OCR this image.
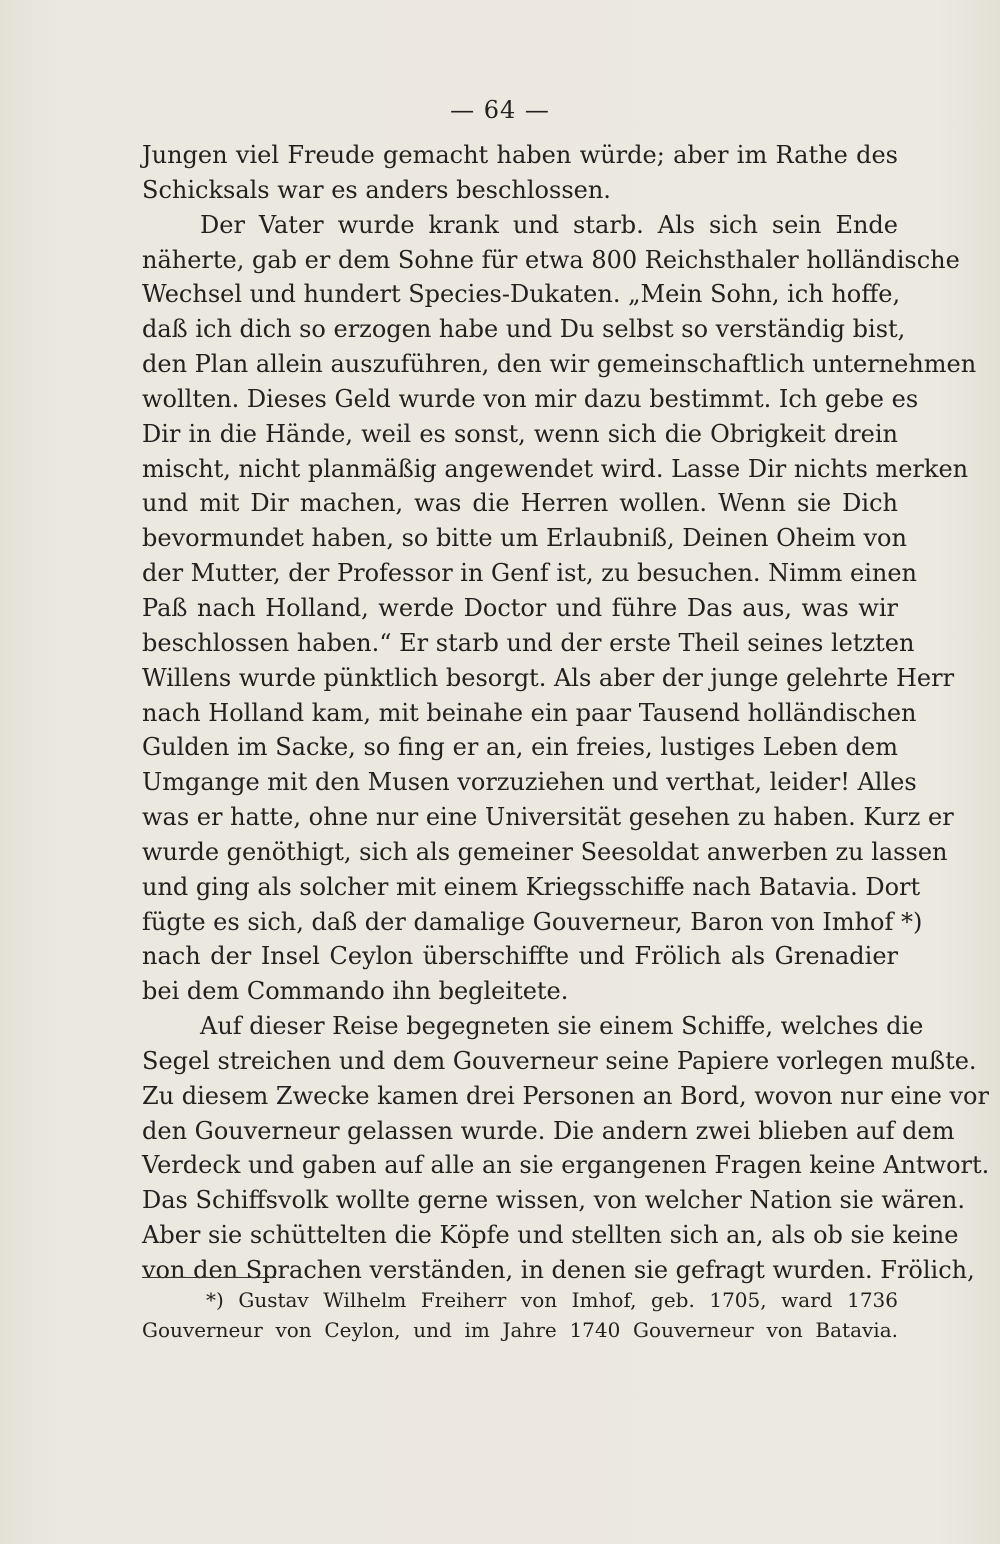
— 64 —
Jungen viel Freude gemacht haben würde; aber im Rathe des
Schicksals war es anders beschlossen.
Der Vater wurde krank und starb. Als sich sein Ende
näherte, gab er dem Sohne für etwa 800 Reichsthaler holländische
Wechsel und hundert Species-Dukaten. „Mein Sohn, ich hoffe,
daß ich dich so erzogen habe und Du selbst so verständig bist,
den Plan allein auszuführen, den wir gemeinschaftlich unternehmen
wollten. Dieses Geld wurde von mir dazu bestimmt. Ich gebe es
Dir in die Hände, weil es sonst, wenn sich die Obrigkeit drein
mischt, nicht planmäßig angewendet wird. Lasse Dir nichts merken
und mit Dir machen, was die Herren wollen. Wenn sie Dich
bevormundet haben, so bitte um Erlaubniß, Deinen Oheim von
der Mutter, der Professor in Genf ist, zu besuchen. Nimm einen
Paß nach Holland, werde Doctor und führe Das aus, was wir
beschlossen haben.“ Er starb und der erste Theil seines letzten
Willens wurde pünktlich besorgt. Als aber der junge gelehrte Herr
nach Holland kam, mit beinahe ein paar Tausend holländischen
Gulden im Sacke, so fing er an, ein freies, lustiges Leben dem
Umgange mit den Musen vorzuziehen und verthat, leider! Alles
was er hatte, ohne nur eine Universität gesehen zu haben. Kurz er
wurde genöthigt, sich als gemeiner Seesoldat anwerben zu lassen
und ging als solcher mit einem Kriegsschiffe nach Batavia. Dort
fügte es sich, daß der damalige Gouverneur, Baron von Imhof *)
nach der Insel Ceylon überschiffte und Frölich als Grenadier
bei dem Commando ihn begleitete.
Auf dieser Reise begegneten sie einem Schiffe, welches die
Segel streichen und dem Gouverneur seine Papiere vorlegen mußte.
Zu diesem Zwecke kamen drei Personen an Bord, wovon nur eine vor
den Gouverneur gelassen wurde. Die andern zwei blieben auf dem
Verdeck und gaben auf alle an sie ergangenen Fragen keine Antwort.
Das Schiffsvolk wollte gerne wissen, von welcher Nation sie wären.
Aber sie schüttelten die Köpfe und stellten sich an, als ob sie keine
von den Sprachen verständen, in denen sie gefragt wurden. Frölich,
*) Gustav Wilhelm Freiherr von Imhof, geb. 1705, ward 1736
Gouverneur von Ceylon, und im Jahre 1740 Gouverneur von Batavia.
